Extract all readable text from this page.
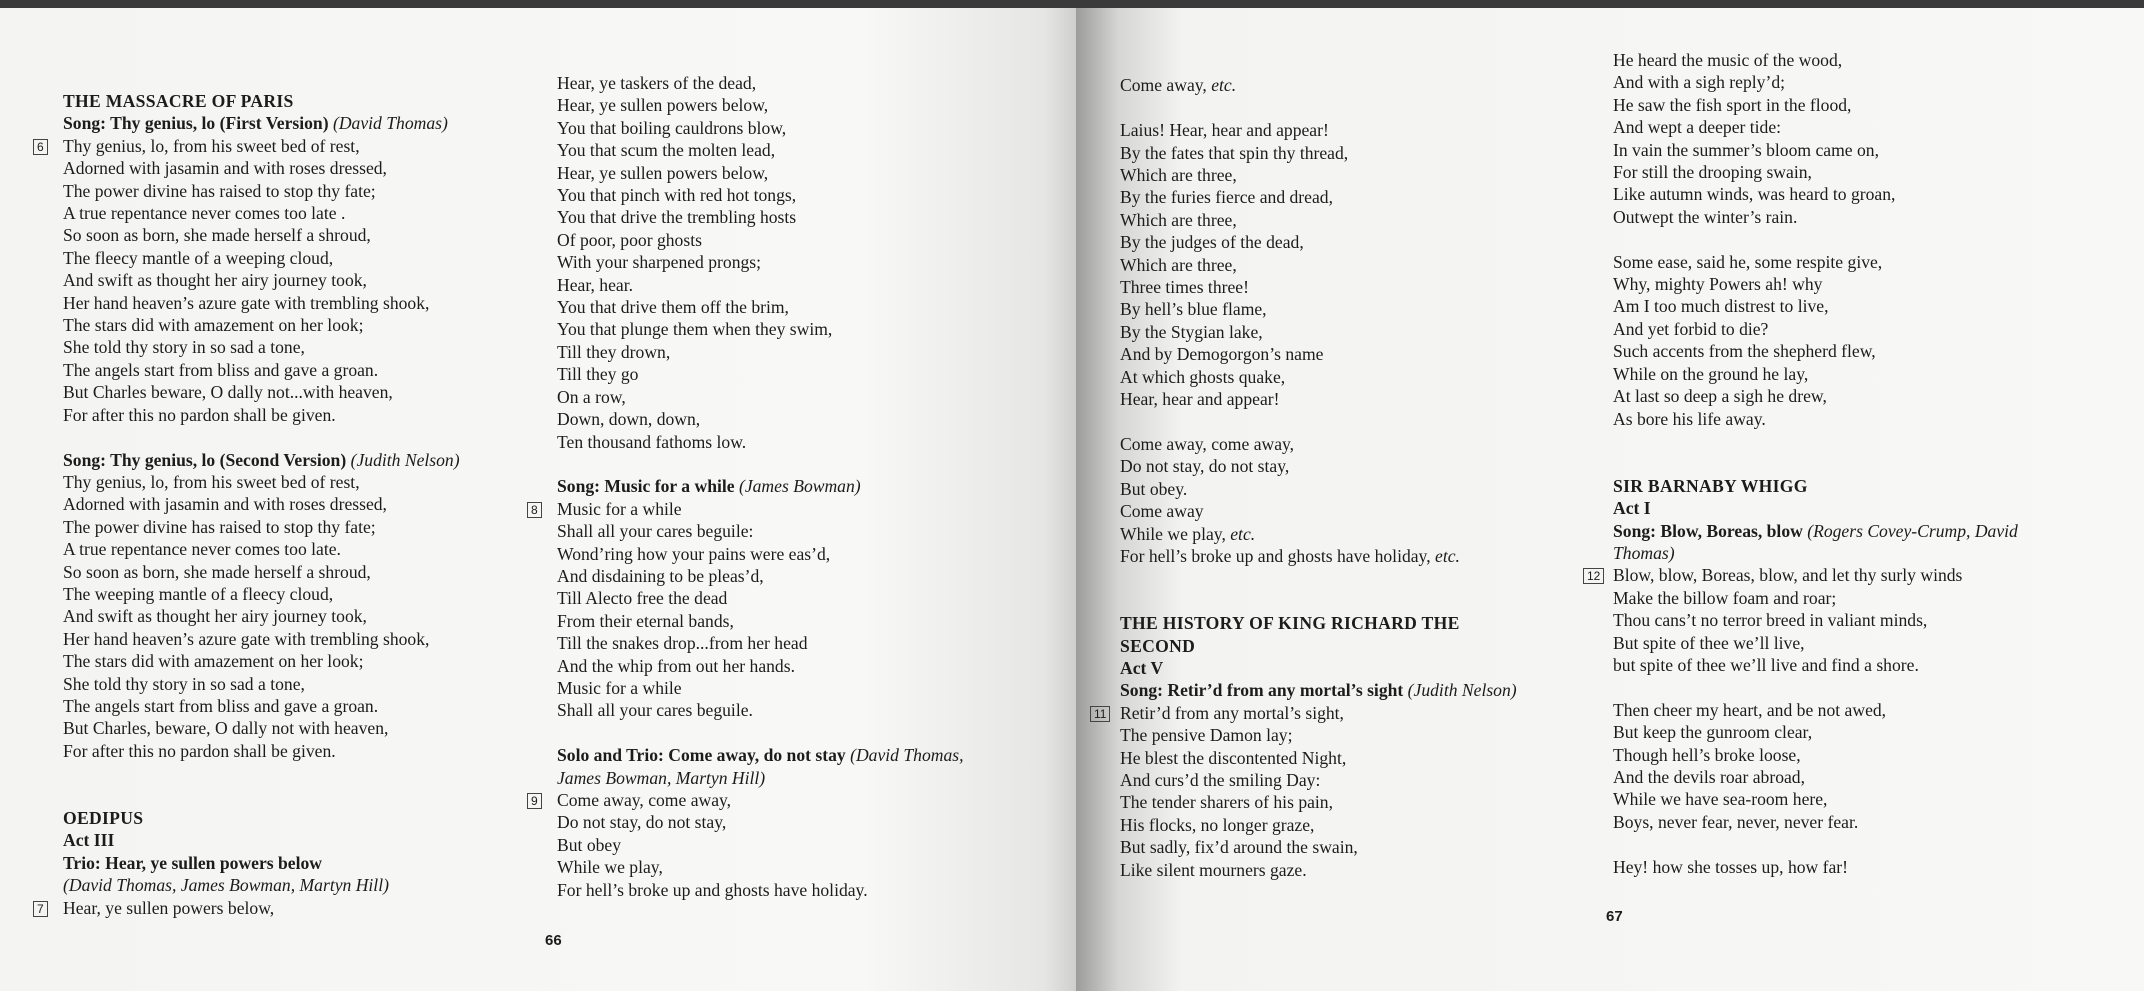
THE MASSACRE OF PARIS
Song: Thy genius, lo (First Version) (David Thomas)
Thy genius, lo, from his sweet bed of rest,
6
Adorned with jasamin and with roses dressed,
The power divine has raised to stop thy fate;
A true repentance never comes too late .
So soon as born, she made herself a shroud,
The fleecy mantle of a weeping cloud,
And swift as thought her airy journey took,
Her hand heaven’s azure gate with trembling shook,
The stars did with amazement on her look;
She told thy story in so sad a tone,
The angels start from bliss and gave a groan.
But Charles beware, O dally not...with heaven,
For after this no pardon shall be given.
Song: Thy genius, lo (Second Version) (Judith Nelson)
Thy genius, lo, from his sweet bed of rest,
Adorned with jasamin and with roses dressed,
The power divine has raised to stop thy fate;
A true repentance never comes too late.
So soon as born, she made herself a shroud,
The weeping mantle of a fleecy cloud,
And swift as thought her airy journey took,
Her hand heaven’s azure gate with trembling shook,
The stars did with amazement on her look;
She told thy story in so sad a tone,
The angels start from bliss and gave a groan.
But Charles, beware, O dally not with heaven,
For after this no pardon shall be given.
OEDIPUS
Act III
Trio: Hear, ye sullen powers below
(David Thomas, James Bowman, Martyn Hill)
Hear, ye sullen powers below,
7
Hear, ye taskers of the dead,
Hear, ye sullen powers below,
You that boiling cauldrons blow,
You that scum the molten lead,
Hear, ye sullen powers below,
You that pinch with red hot tongs,
You that drive the trembling hosts
Of poor, poor ghosts
With your sharpened prongs;
Hear, hear.
You that drive them off the brim,
You that plunge them when they swim,
Till they drown,
Till they go
On a row,
Down, down, down,
Ten thousand fathoms low.
Song: Music for a while (James Bowman)
Music for a while
8
Shall all your cares beguile:
Wond’ring how your pains were eas’d,
And disdaining to be pleas’d,
Till Alecto free the dead
From their eternal bands,
Till the snakes drop...from her head
And the whip from out her hands.
Music for a while
Shall all your cares beguile.
Solo and Trio: Come away, do not stay (David Thomas,
James Bowman, Martyn Hill)
Come away, come away,
9
Do not stay, do not stay,
But obey
While we play,
For hell’s broke up and ghosts have holiday.
66
Come away, etc.
Laius! Hear, hear and appear!
By the fates that spin thy thread,
Which are three,
By the furies fierce and dread,
Which are three,
By the judges of the dead,
Which are three,
Three times three!
By hell’s blue flame,
By the Stygian lake,
And by Demogorgon’s name
At which ghosts quake,
Hear, hear and appear!
Come away, come away,
Do not stay, do not stay,
But obey.
Come away
While we play, etc.
For hell’s broke up and ghosts have holiday, etc.
THE HISTORY OF KING RICHARD THE
SECOND
Act V
Song: Retir’d from any mortal’s sight (Judith Nelson)
Retir’d from any mortal’s sight,
11
The pensive Damon lay;
He blest the discontented Night,
And curs’d the smiling Day:
The tender sharers of his pain,
His flocks, no longer graze,
But sadly, fix’d around the swain,
Like silent mourners gaze.
He heard the music of the wood,
And with a sigh reply’d;
He saw the fish sport in the flood,
And wept a deeper tide:
In vain the summer’s bloom came on,
For still the drooping swain,
Like autumn winds, was heard to groan,
Outwept the winter’s rain.
Some ease, said he, some respite give,
Why, mighty Powers ah! why
Am I too much distrest to live,
And yet forbid to die?
Such accents from the shepherd flew,
While on the ground he lay,
At last so deep a sigh he drew,
As bore his life away.
SIR BARNABY WHIGG
Act I
Song: Blow, Boreas, blow (Rogers Covey-Crump, David
Thomas)
Blow, blow, Boreas, blow, and let thy surly winds
12
Make the billow foam and roar;
Thou cans’t no terror breed in valiant minds,
But spite of thee we’ll live,
but spite of thee we’ll live and find a shore.
Then cheer my heart, and be not awed,
But keep the gunroom clear,
Though hell’s broke loose,
And the devils roar abroad,
While we have sea-room here,
Boys, never fear, never, never fear.
Hey! how she tosses up, how far!
67
